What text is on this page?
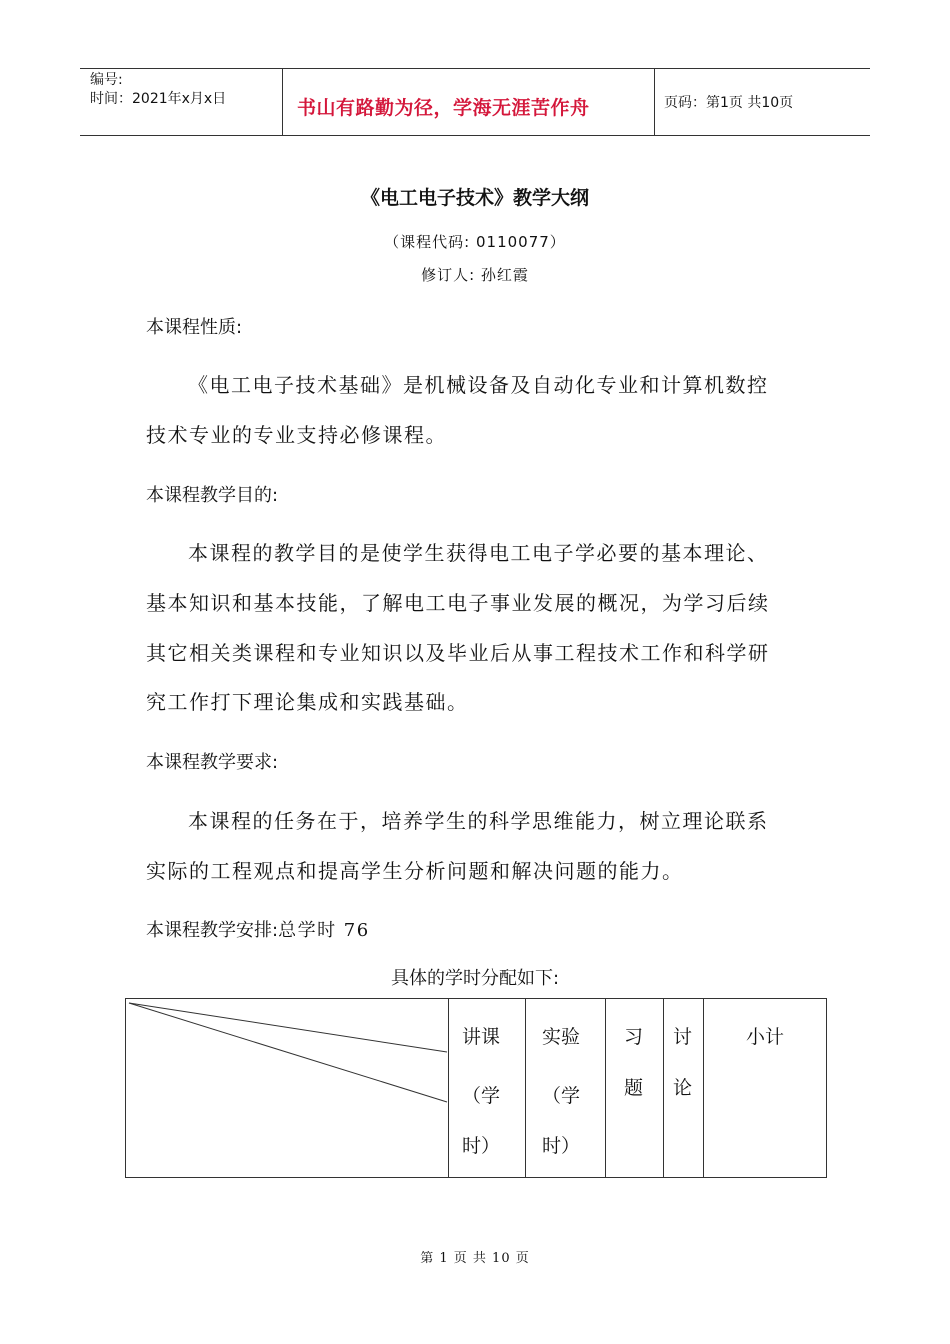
编号:
时间：2021年x月x日	书山有路勤为径，学海无涯苦作舟	页码：第1页 共10页
《电工电子技术》教学大纲
（课程代码: 0110077）
修订人: 孙红霞
本课程性质:
《电工电子技术基础》是机械设备及自动化专业和计算机数控
技术专业的专业支持必修课程。
本课程教学目的:
本课程的教学目的是使学生获得电工电子学必要的基本理论、
基本知识和基本技能，了解电工电子事业发展的概况，为学习后续
其它相关类课程和专业知识以及毕业后从事工程技术工作和科学研
究工作打下理论集成和实践基础。
本课程教学要求:
本课程的任务在于，培养学生的科学思维能力，树立理论联系
实际的工程观点和提高学生分析问题和解决问题的能力。
本课程教学安排:总学时 76
具体的学时分配如下:
讲课
（学
时）
实验
（学
时）
习
题
讨
论
小计
第 1 页 共 10 页
